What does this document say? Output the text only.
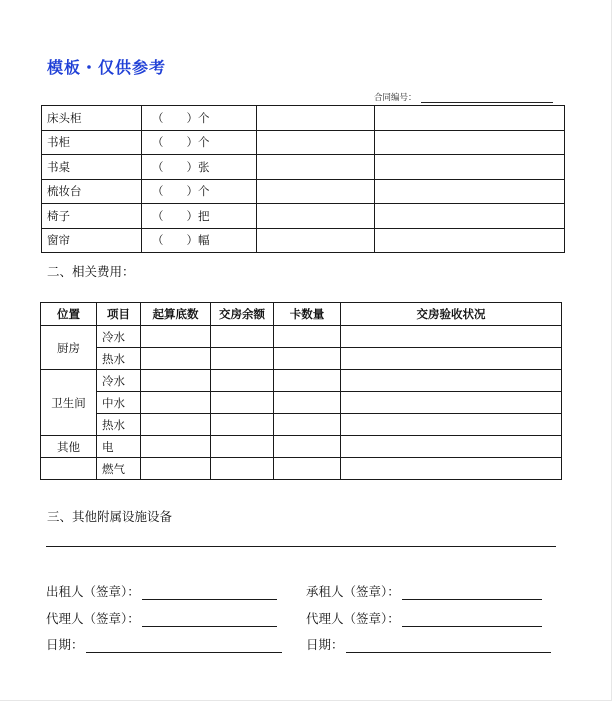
模板・仅供参考
合同编号：
床头柜	（　　）个		
书柜	（　　）个		
书桌	（　　）张		
梳妆台	（　　）个		
椅子	（　　）把		
窗帘	（　　）幅		
二、相关费用：
位置	项目	起算底数	交房余额	卡数量	交房验收状况
厨房	冷水				
	热水				
卫生间	冷水				
	中水				
	热水				
其他	电				
	燃气				
三、其他附属设施设备
出租人（签章）：	承租人（签章）：
代理人（签章）：	代理人（签章）：
日期：	日期：
